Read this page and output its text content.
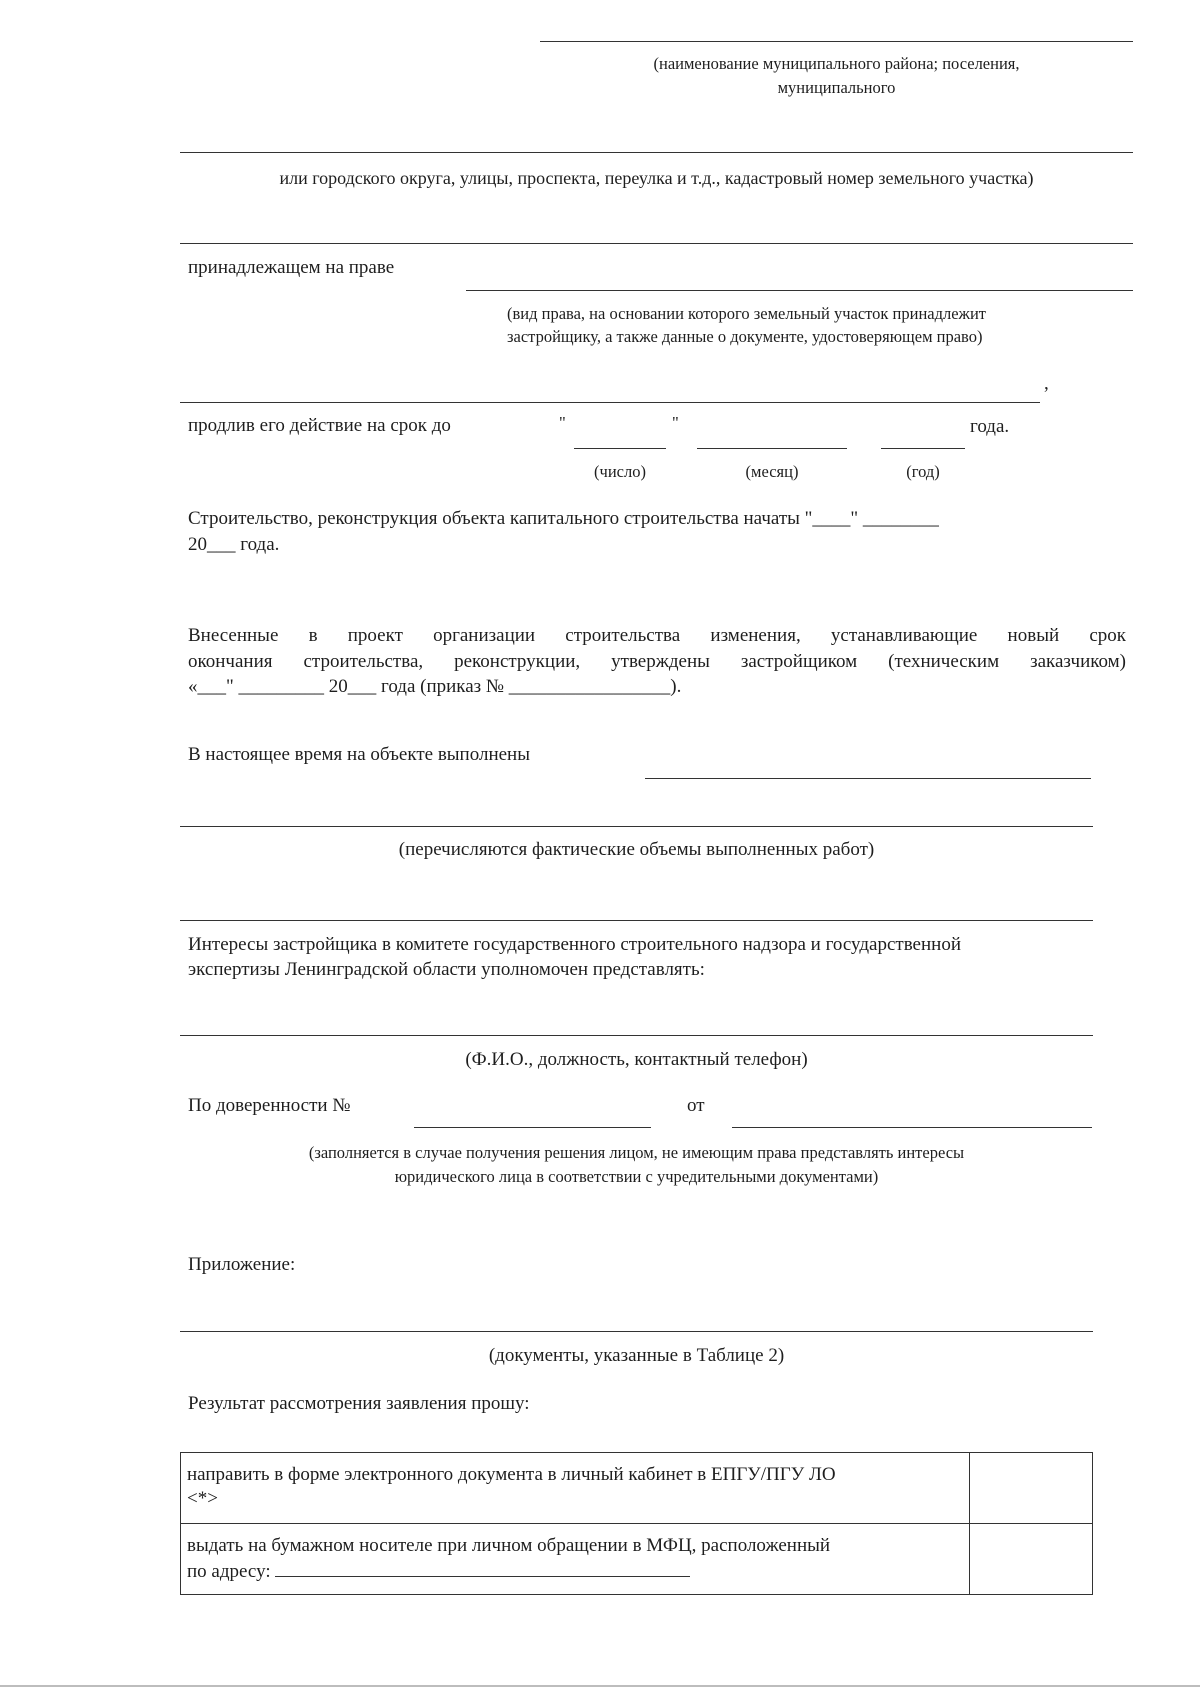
(наименование муниципального района; поселения,
муниципального
или городского округа, улицы, проспекта, переулка и т.д., кадастровый номер земельного участка)
принадлежащем на праве
(вид права, на основании которого земельный участок принадлежит
застройщику, а также данные о документе, удостоверяющем право)
,
продлив его действие на срок до	"	"	года.
(число)	(месяц)	(год)
Строительство, реконструкция объекта капитального строительства начаты "____" ________
20___ года.
Внесенные в проект организации строительства изменения, устанавливающие новый срок
окончания строительства, реконструкции, утверждены застройщиком (техническим заказчиком)
«___" _________ 20___ года (приказ № _________________).
В настоящее время на объекте выполнены
(перечисляются фактические объемы выполненных работ)
Интересы застройщика в комитете государственного строительного надзора и государственной
экспертизы Ленинградской области уполномочен представлять:
(Ф.И.О., должность, контактный телефон)
По доверенности №	от
(заполняется в случае получения решения лицом, не имеющим права представлять интересы
юридического лица в соответствии с учредительными документами)
Приложение:
(документы, указанные в Таблице 2)
Результат рассмотрения заявления прошу:
направить в форме электронного документа в личный кабинет в ЕПГУ/ПГУ ЛО
<*>	
выдать на бумажном носителе при личном обращении в МФЦ, расположенный
по адресу:	
